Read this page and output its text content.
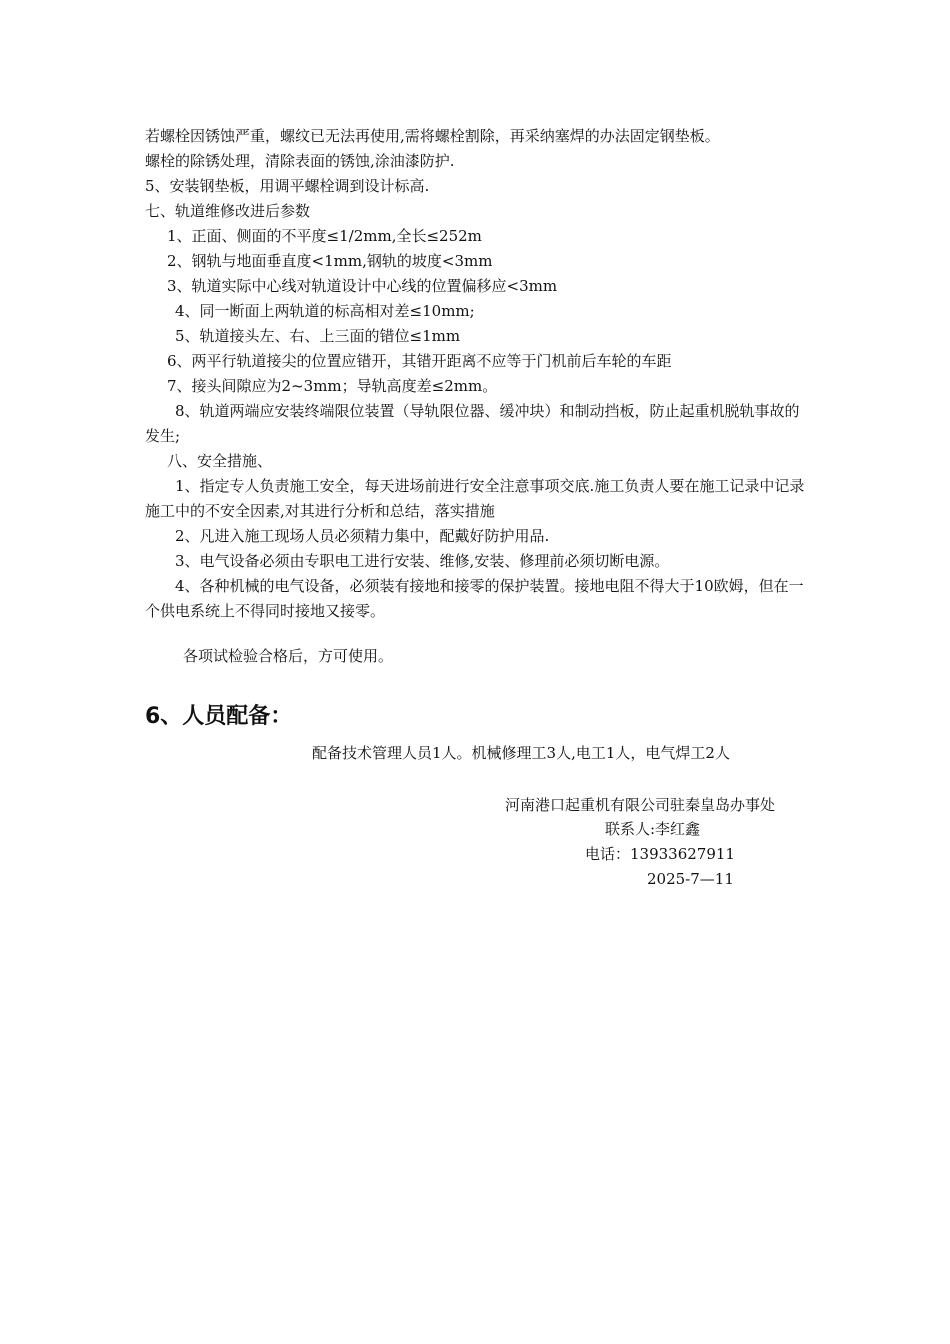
若螺栓因锈蚀严重，螺纹已无法再使用,需将螺栓割除，再采纳塞焊的办法固定钢垫板。
螺栓的除锈处理，清除表面的锈蚀,涂油漆防护.
5、安装钢垫板，用调平螺栓调到设计标高.
七、轨道维修改进后参数
1、正面、侧面的不平度≤1/2mm,全长≤252m
2、钢轨与地面垂直度<1mm,钢轨的坡度<3mm
3、轨道实际中心线对轨道设计中心线的位置偏移应<3mm
4、同一断面上两轨道的标高相对差≤10mm;
5、轨道接头左、右、上三面的错位≤1mm
6、两平行轨道接尖的位置应错开，其错开距离不应等于门机前后车轮的车距
7、接头间隙应为2~3mm；导轨高度差≤2mm。
8、轨道两端应安装终端限位装置（导轨限位器、缓冲块）和制动挡板，防止起重机脱轨事故的发生;
八、安全措施、
1、指定专人负责施工安全，每天进场前进行安全注意事项交底.施工负责人要在施工记录中记录施工中的不安全因素,对其进行分析和总结，落实措施
2、凡进入施工现场人员必须精力集中，配戴好防护用品.
3、电气设备必须由专职电工进行安装、维修,安装、修理前必须切断电源。
4、各种机械的电气设备，必须装有接地和接零的保护装置。接地电阻不得大于10欧姆，但在一个供电系统上不得同时接地又接零。
各项试检验合格后，方可使用。
6、人员配备：
配备技术管理人员1人。机械修理工3人,电工1人，电气焊工2人
河南港口起重机有限公司驻秦皇岛办事处
联系人:李红鑫
电话：13933627911
2025-7—11
